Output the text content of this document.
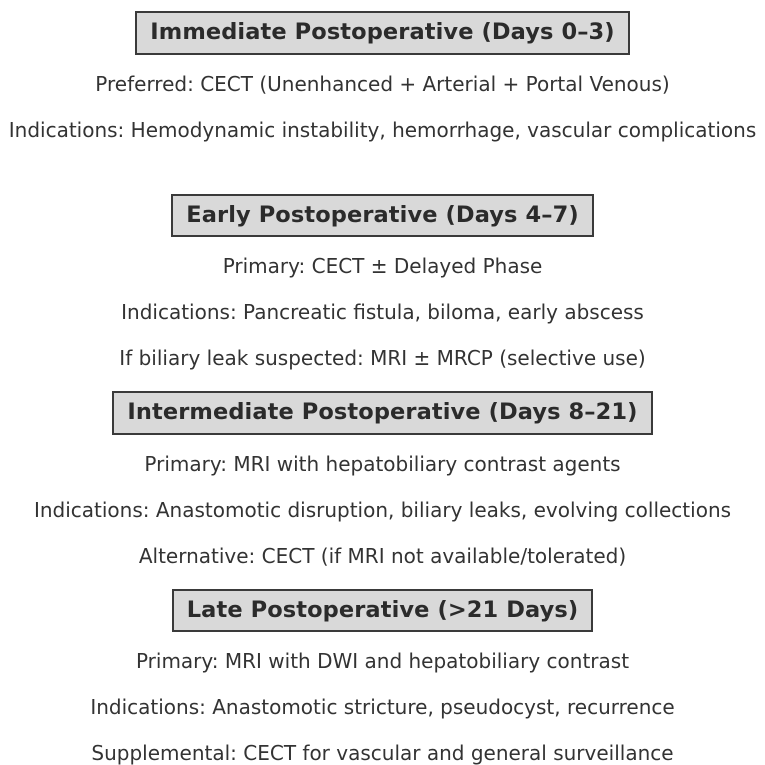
Immediate Postoperative (Days 0–3)
Preferred: CECT (Unenhanced + Arterial + Portal Venous)
Indications: Hemodynamic instability, hemorrhage, vascular complications
Early Postoperative (Days 4–7)
Primary: CECT ± Delayed Phase
Indications: Pancreatic fistula, biloma, early abscess
If biliary leak suspected: MRI ± MRCP (selective use)
Intermediate Postoperative (Days 8–21)
Primary: MRI with hepatobiliary contrast agents
Indications: Anastomotic disruption, biliary leaks, evolving collections
Alternative: CECT (if MRI not available/tolerated)
Late Postoperative (>21 Days)
Primary: MRI with DWI and hepatobiliary contrast
Indications: Anastomotic stricture, pseudocyst, recurrence
Supplemental: CECT for vascular and general surveillance
